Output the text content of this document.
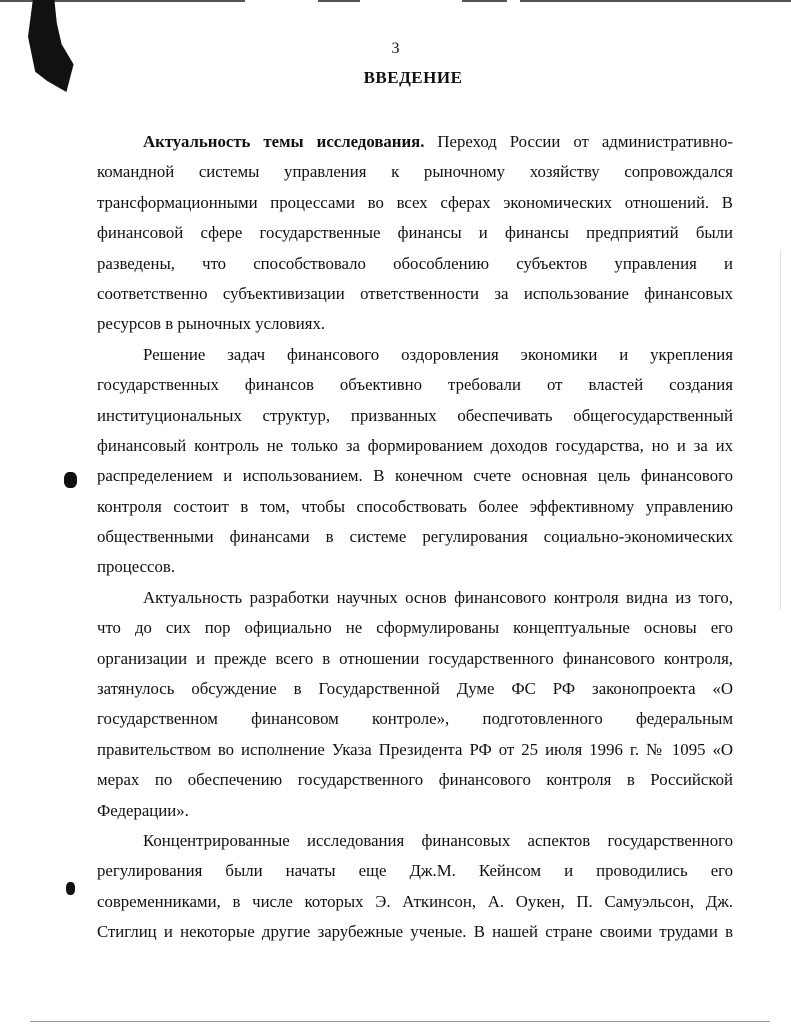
3
ВВЕДЕНИЕ
Актуальность темы исследования. Переход России от административно-
командной системы управления к рыночному хозяйству сопровождался
трансформационными процессами во всех сферах экономических отношений. В
финансовой сфере государственные финансы и финансы предприятий были
разведены, что способствовало обособлению субъектов управления и
соответственно субъективизации ответственности за использование финансовых
ресурсов в рыночных условиях.
Решение задач финансового оздоровления экономики и укрепления
государственных финансов объективно требовали от властей создания
институциональных структур, призванных обеспечивать общегосударственный
финансовый контроль не только за формированием доходов государства, но и за их
распределением и использованием. В конечном счете основная цель финансового
контроля состоит в том, чтобы способствовать более эффективному управлению
общественными финансами в системе регулирования социально-экономических
процессов.
Актуальность разработки научных основ финансового контроля видна из того,
что до сих пор официально не сформулированы концептуальные основы его
организации и прежде всего в отношении государственного финансового контроля,
затянулось обсуждение в Государственной Думе ФС РФ законопроекта «О
государственном финансовом контроле», подготовленного федеральным
правительством во исполнение Указа Президента РФ от 25 июля 1996 г. № 1095 «О
мерах по обеспечению государственного финансового контроля в Российской
Федерации».
Концентрированные исследования финансовых аспектов государственного
регулирования были начаты еще Дж.М. Кейнсом и проводились его
современниками, в числе которых Э. Аткинсон, А. Оукен, П. Самуэльсон, Дж.
Стиглиц и некоторые другие зарубежные ученые. В нашей стране своими трудами в
